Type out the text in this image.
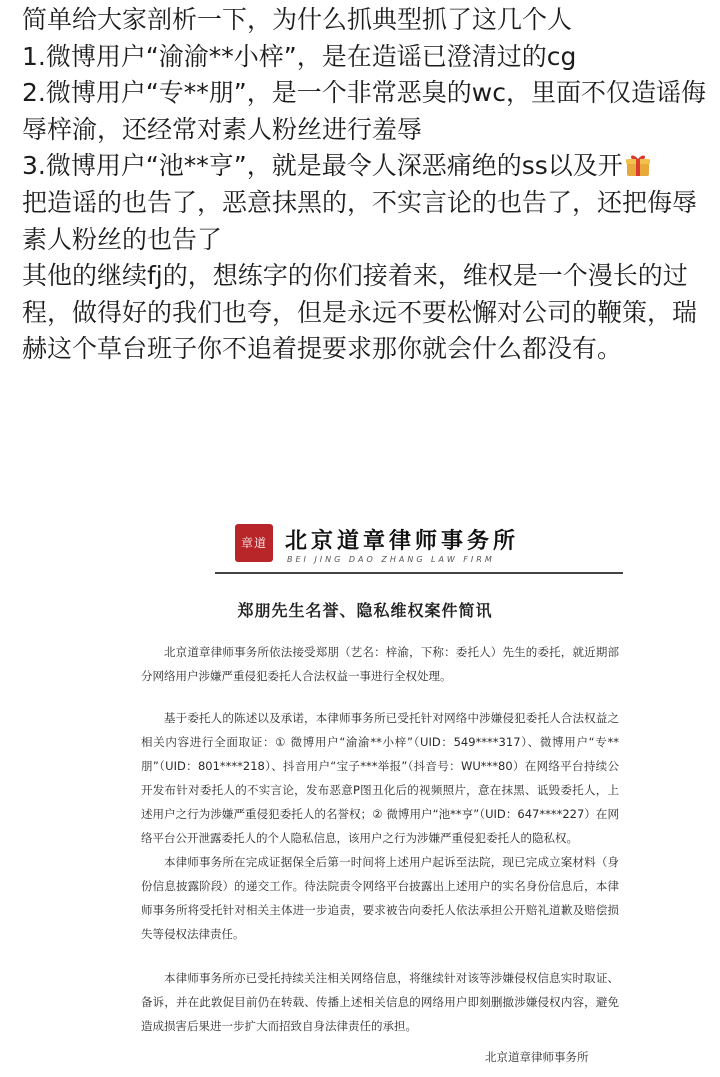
简单给大家剖析一下，为什么抓典型抓了这几个人

1.微博用户“渝渝**小梓”，是在造谣已澄清过的cg

2.微博用户“专**朋”，是一个非常恶臭的wc，里面不仅造谣侮辱梓渝，还经常对素人粉丝进行羞辱

3.微博用户“池**亨”，就是最令人深恶痛绝的ss以及开

把造谣的也告了，恶意抹黑的，不实言论的也告了，还把侮辱素人粉丝的也告了

其他的继续fj的，想练字的你们接着来，维权是一个漫长的过程，做得好的我们也夸，但是永远不要松懈对公司的鞭策，瑞赫这个草台班子你不追着提要求那你就会什么都没有。

章道 北京道章律师事务所
BEI JING DAO ZHANG LAW FIRM
郑朋先生名誉、隐私维权案件简讯
北京道章律师事务所依法接受郑朋（艺名：梓渝，下称：委托人）先生的委托，就近期部分网络用户涉嫌严重侵犯委托人合法权益一事进行全权处理。
基于委托人的陈述以及承诺，本律师事务所已受托针对网络中涉嫌侵犯委托人合法权益之相关内容进行全面取证：① 微博用户“渝渝**小梓”（UID：549****317）、微博用户“专**朋”（UID：801****218）、抖音用户“宝子***举报”（抖音号：WU***80）在网络平台持续公开发布针对委托人的不实言论，发布恶意P图丑化后的视频照片，意在抹黑、诋毁委托人，上述用户之行为涉嫌严重侵犯委托人的名誉权；② 微博用户“池**亨”（UID：647****227）在网络平台公开泄露委托人的个人隐私信息，该用户之行为涉嫌严重侵犯委托人的隐私权。
本律师事务所在完成证据保全后第一时间将上述用户起诉至法院，现已完成立案材料（身份信息披露阶段）的递交工作。待法院责令网络平台披露出上述用户的实名身份信息后，本律师事务所将受托针对相关主体进一步追责，要求被告向委托人依法承担公开赔礼道歉及赔偿损失等侵权法律责任。
本律师事务所亦已受托持续关注相关网络信息，将继续针对该等涉嫌侵权信息实时取证、备诉，并在此敦促目前仍在转载、传播上述相关信息的网络用户即刻删撤涉嫌侵权内容，避免造成损害后果进一步扩大而招致自身法律责任的承担。
北京道章律师事务所
